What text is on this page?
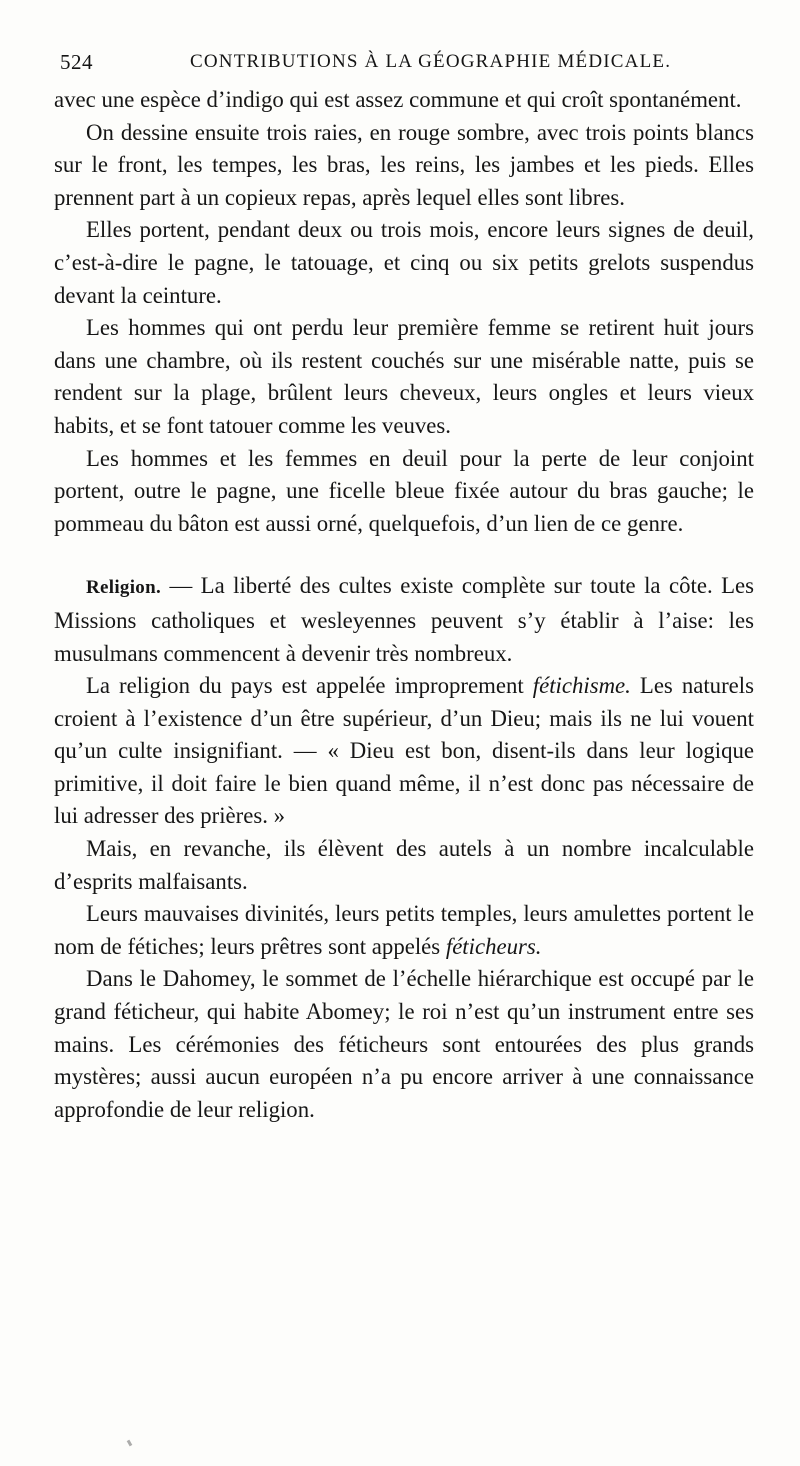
524	CONTRIBUTIONS À LA GÉOGRAPHIE MÉDICALE.

avec une espèce d’indigo qui est assez commune et qui croît spontanément.

On dessine ensuite trois raies, en rouge sombre, avec trois points blancs sur le front, les tempes, les bras, les reins, les jambes et les pieds. Elles prennent part à un copieux repas, après lequel elles sont libres.

Elles portent, pendant deux ou trois mois, encore leurs signes de deuil, c’est-à-dire le pagne, le tatouage, et cinq ou six petits grelots suspendus devant la ceinture.

Les hommes qui ont perdu leur première femme se retirent huit jours dans une chambre, où ils restent couchés sur une misérable natte, puis se rendent sur la plage, brûlent leurs cheveux, leurs ongles et leurs vieux habits, et se font tatouer comme les veuves.

Les hommes et les femmes en deuil pour la perte de leur conjoint portent, outre le pagne, une ficelle bleue fixée autour du bras gauche; le pommeau du bâton est aussi orné, quelquefois, d’un lien de ce genre.

Religion. — La liberté des cultes existe complète sur toute la côte. Les Missions catholiques et wesleyennes peuvent s’y établir à l’aise: les musulmans commencent à devenir très nombreux.

La religion du pays est appelée improprement fétichisme. Les naturels croient à l’existence d’un être supérieur, d’un Dieu; mais ils ne lui vouent qu’un culte insignifiant. — « Dieu est bon, disent-ils dans leur logique primitive, il doit faire le bien quand même, il n’est donc pas nécessaire de lui adresser des prières. »

Mais, en revanche, ils élèvent des autels à un nombre incalculable d’esprits malfaisants.

Leurs mauvaises divinités, leurs petits temples, leurs amulettes portent le nom de fétiches; leurs prêtres sont appelés féticheurs.

Dans le Dahomey, le sommet de l’échelle hiérarchique est occupé par le grand féticheur, qui habite Abomey; le roi n’est qu’un instrument entre ses mains. Les cérémonies des féticheurs sont entourées des plus grands mystères; aussi aucun européen n’a pu encore arriver à une connaissance approfondie de leur religion.
